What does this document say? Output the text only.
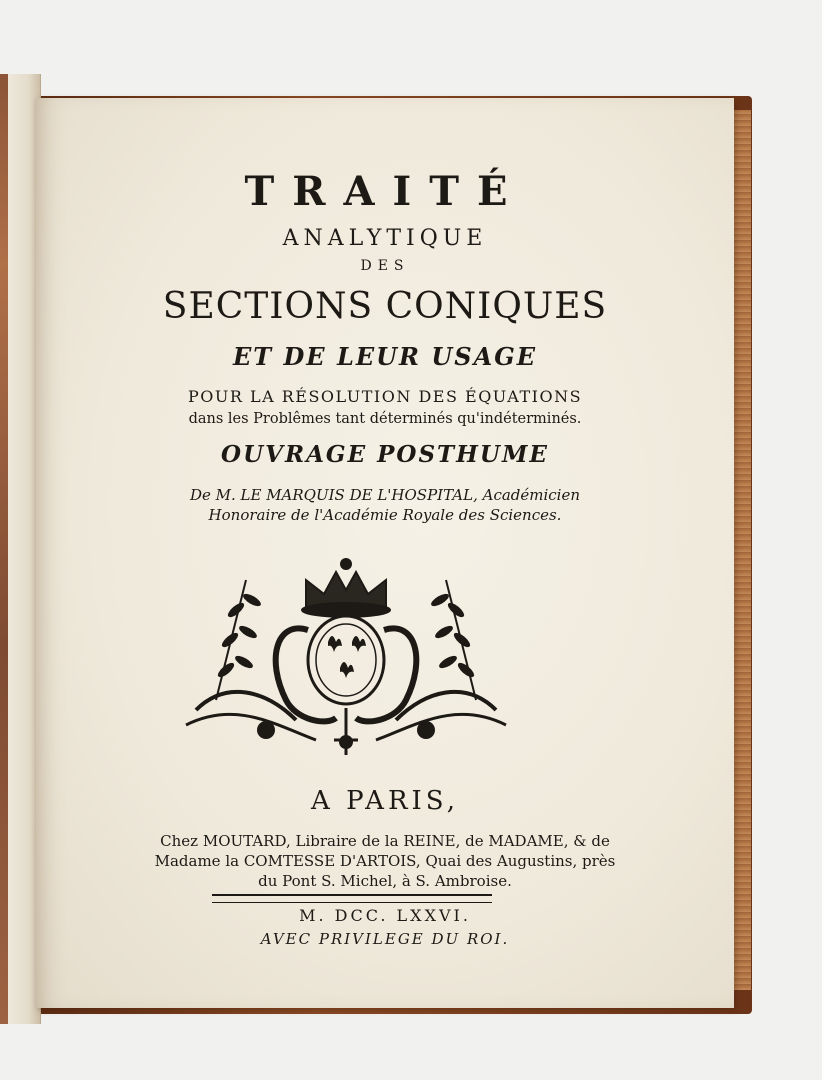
TRAITÉ
ANALYTIQUE
DES
SECTIONS CONIQUES
ET DE LEUR USAGE
POUR LA RÉSOLUTION DES ÉQUATIONS
dans les Problêmes tant déterminés qu'indéterminés.
OUVRAGE POSTHUME
De M. LE MARQUIS DE L'HOSPITAL, Académicien
Honoraire de l'Académie Royale des Sciences.
A PARIS,
Chez MOUTARD, Libraire de la REINE, de MADAME, & de
Madame la COMTESSE D'ARTOIS, Quai des Augustins, près
du Pont S. Michel, à S. Ambroise.
M. DCC. LXXVI.
AVEC PRIVILEGE DU ROI.
